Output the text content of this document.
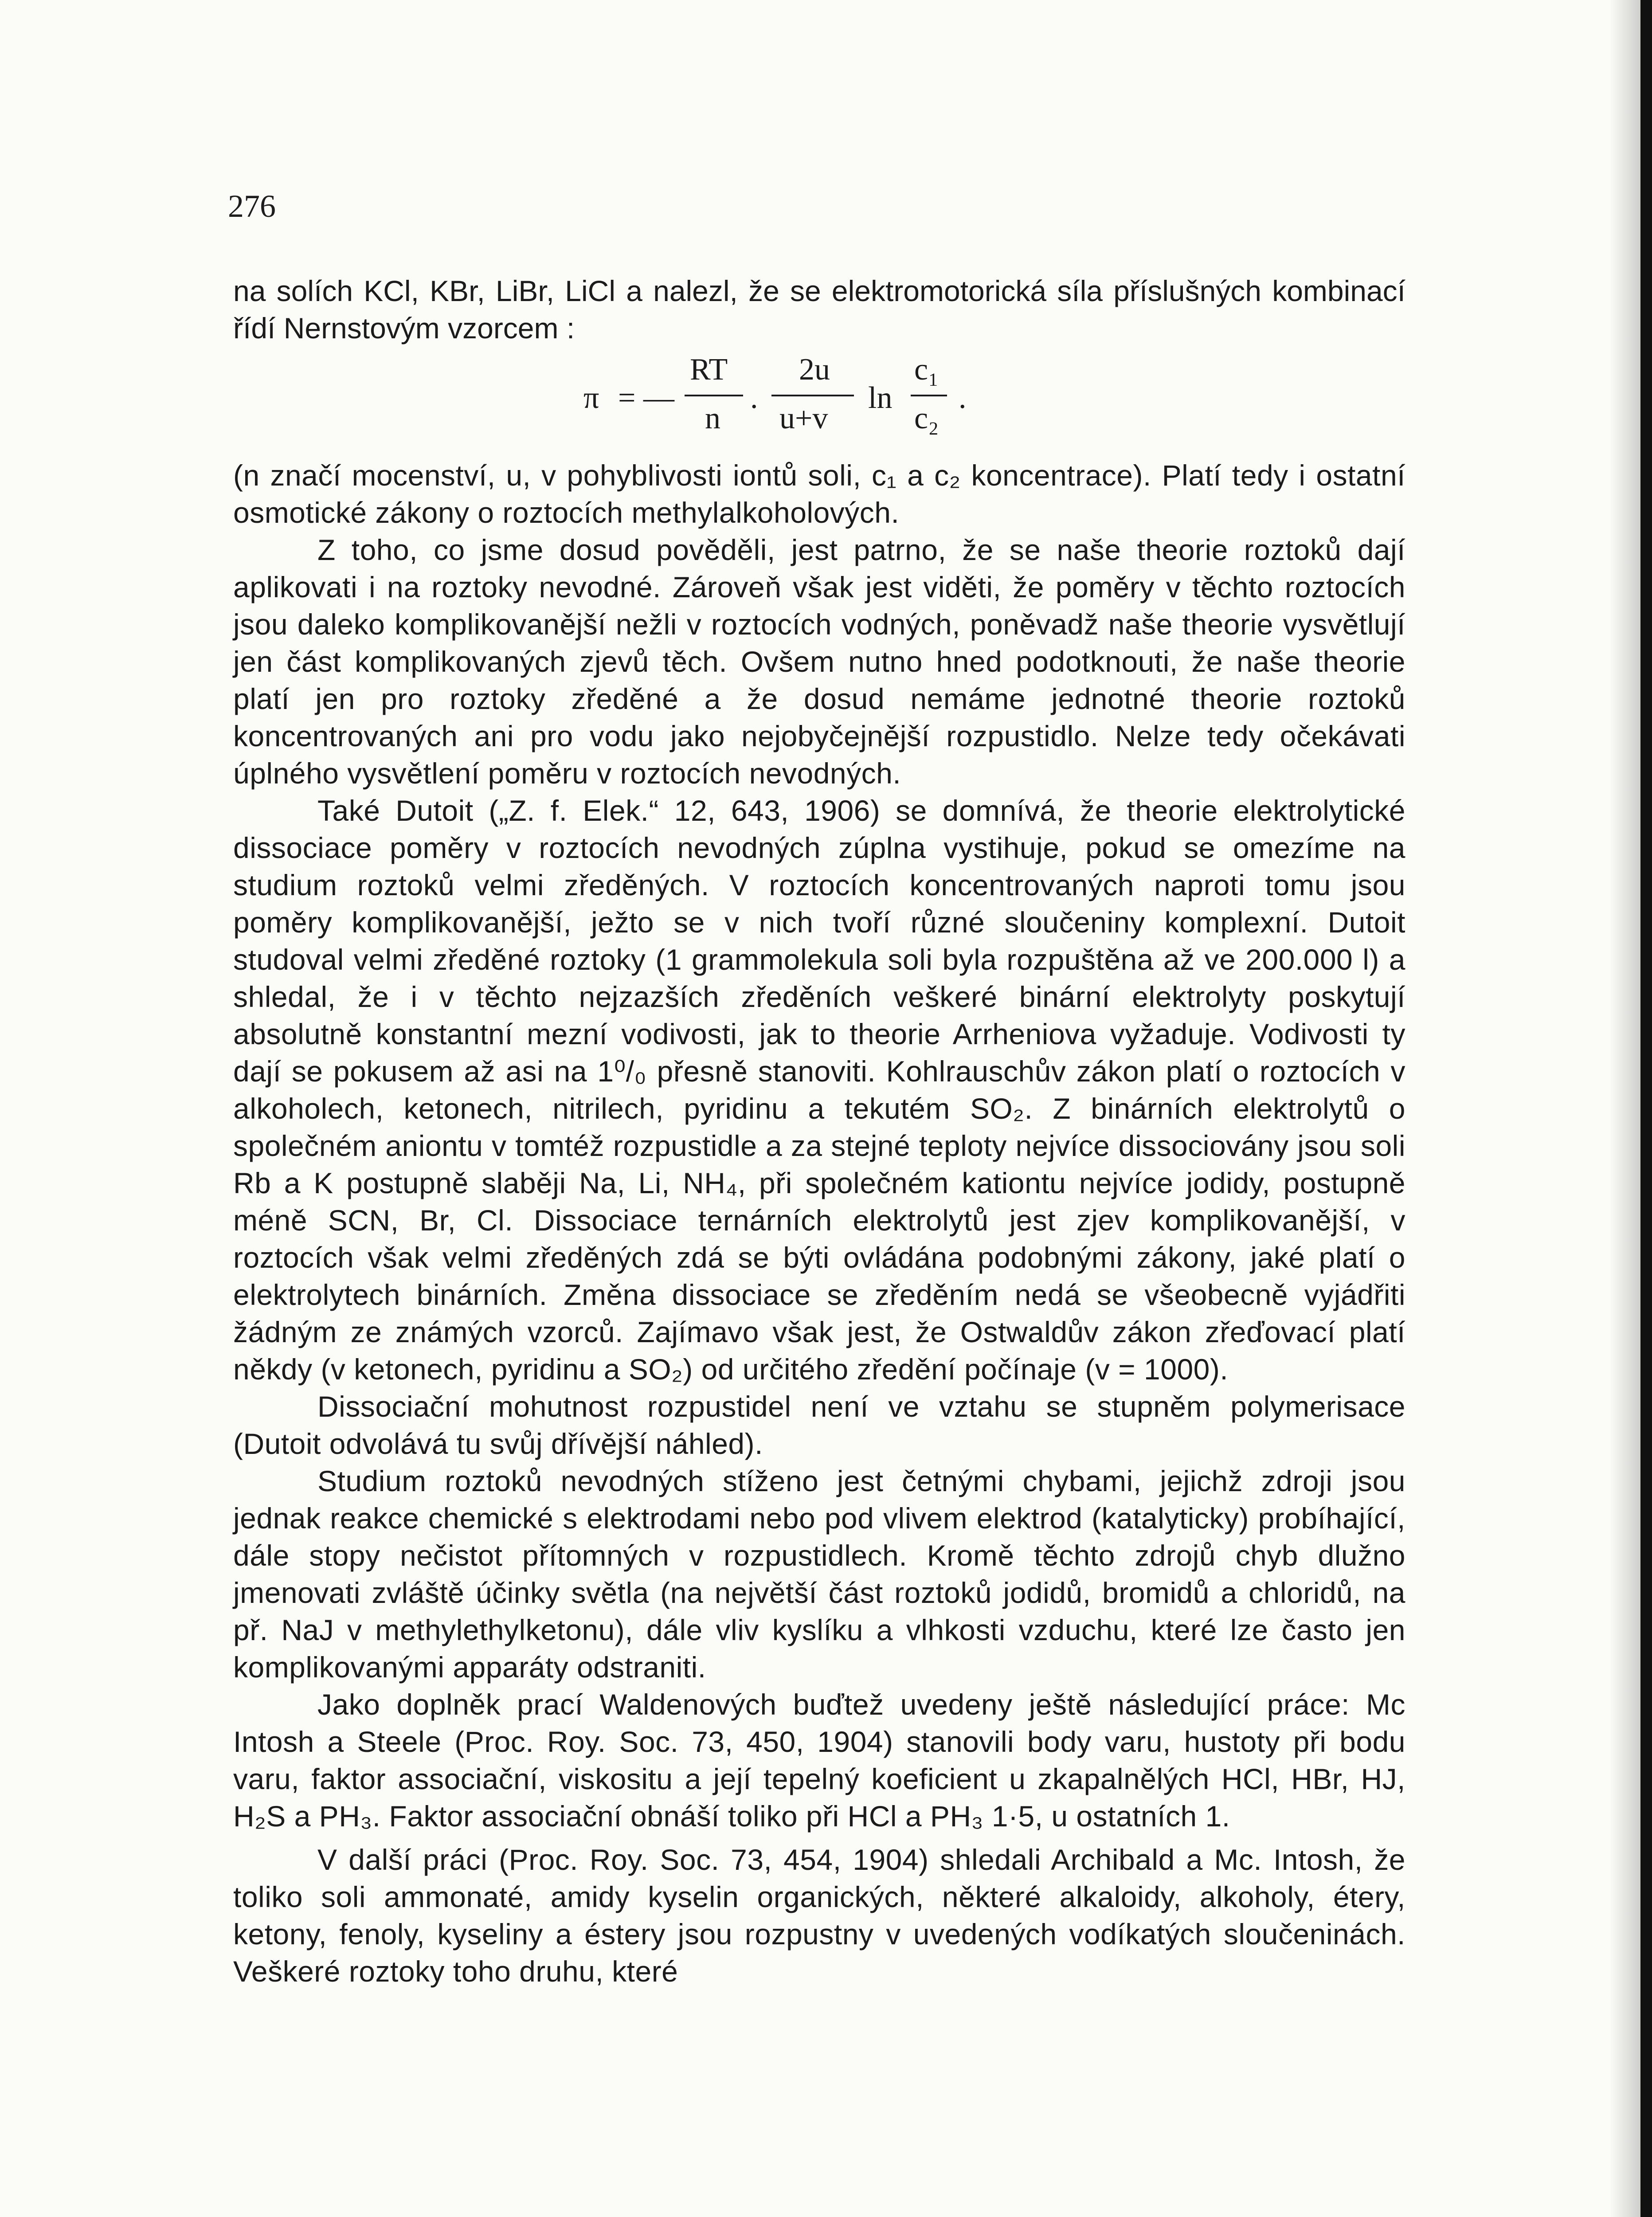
276

na solích KCl, KBr, LiBr, LiCl a nalezl, že se elektromotorická síla příslušných kombinací řídí Nernstovým vzorcem :

π = —
RT
n
.
2u
u+v
ln
c₁
c₂
.

(n značí mocenství, u, v pohyblivosti iontů soli, c₁ a c₂ koncentrace). Platí tedy i ostatní osmotické zákony o roztocích methylalkoholových.

Z toho, co jsme dosud pověděli, jest patrno, že se naše theorie roztoků dají aplikovati i na roztoky nevodné. Zároveň však jest viděti, že poměry v těchto roztocích jsou daleko komplikovanější nežli v roztocích vodných, poněvadž naše theorie vysvětlují jen část komplikovaných zjevů těch. Ovšem nutno hned podotknouti, že naše theorie platí jen pro roztoky zředěné a že dosud nemáme jednotné theorie roztoků koncentrovaných ani pro vodu jako nejobyčejnější rozpustidlo. Nelze tedy očekávati úplného vysvětlení poměru v roztocích nevodných.

Také Dutoit („Z. f. Elek.“ 12, 643, 1906) se domnívá, že theorie elektrolytické dissociace poměry v roztocích nevodných zúplna vystihuje, pokud se omezíme na studium roztoků velmi zředěných. V roztocích koncentrovaných naproti tomu jsou poměry komplikovanější, ježto se v nich tvoří různé sloučeniny komplexní. Dutoit studoval velmi zředěné roztoky (1 grammolekula soli byla rozpuštěna až ve 200.000 l) a shledal, že i v těchto nejzazších zředěních veškeré binární elektrolyty poskytují absolutně konstantní mezní vodivosti, jak to theorie Arrheniova vyžaduje. Vodivosti ty dají se pokusem až asi na 1⁰/₀ přesně stanoviti. Kohlrauschův zákon platí o roztocích v alkoholech, ketonech, nitrilech, pyridinu a tekutém SO₂. Z binárních elektrolytů o společném aniontu v tomtéž rozpustidle a za stejné teploty nejvíce dissociovány jsou soli Rb a K postupně slaběji Na, Li, NH₄, při společném kationtu nejvíce jodidy, postupně méně SCN, Br, Cl. Dissociace ternárních elektrolytů jest zjev komplikovanější, v roztocích však velmi zředěných zdá se býti ovládána podobnými zákony, jaké platí o elektrolytech binárních. Změna dissociace se zředěním nedá se všeobecně vyjádřiti žádným ze známých vzorců. Zajímavo však jest, že Ostwaldův zákon zřeďovací platí někdy (v ketonech, pyridinu a SO₂) od určitého zředění počínaje (v = 1000).

Dissociační mohutnost rozpustidel není ve vztahu se stupněm polymerisace (Dutoit odvolává tu svůj dřívější náhled).

Studium roztoků nevodných stíženo jest četnými chybami, jejichž zdroji jsou jednak reakce chemické s elektrodami nebo pod vlivem elektrod (katalyticky) probíhající, dále stopy nečistot přítomných v rozpustidlech. Kromě těchto zdrojů chyb dlužno jmenovati zvláště účinky světla (na největší část roztoků jodidů, bromidů a chloridů, na př. NaJ v methylethylketonu), dále vliv kyslíku a vlhkosti vzduchu, které lze často jen komplikovanými apparáty odstraniti.

Jako doplněk prací Waldenových buďtež uvedeny ještě následující práce: Mc Intosh a Steele (Proc. Roy. Soc. 73, 450, 1904) stanovili body varu, hustoty při bodu varu, faktor associační, viskositu a její tepelný koeficient u zkapalnělých HCl, HBr, HJ, H₂S a PH₃. Faktor associační obnáší toliko při HCl a PH₃ 1·5, u ostatních 1.

V další práci (Proc. Roy. Soc. 73, 454, 1904) shledali Archibald a Mc. Intosh, že toliko soli ammonaté, amidy kyselin organických, některé alkaloidy, alkoholy, étery, ketony, fenoly, kyseliny a éstery jsou rozpustny v uvedených vodíkatých sloučeninách. Veškeré roztoky toho druhu, které
